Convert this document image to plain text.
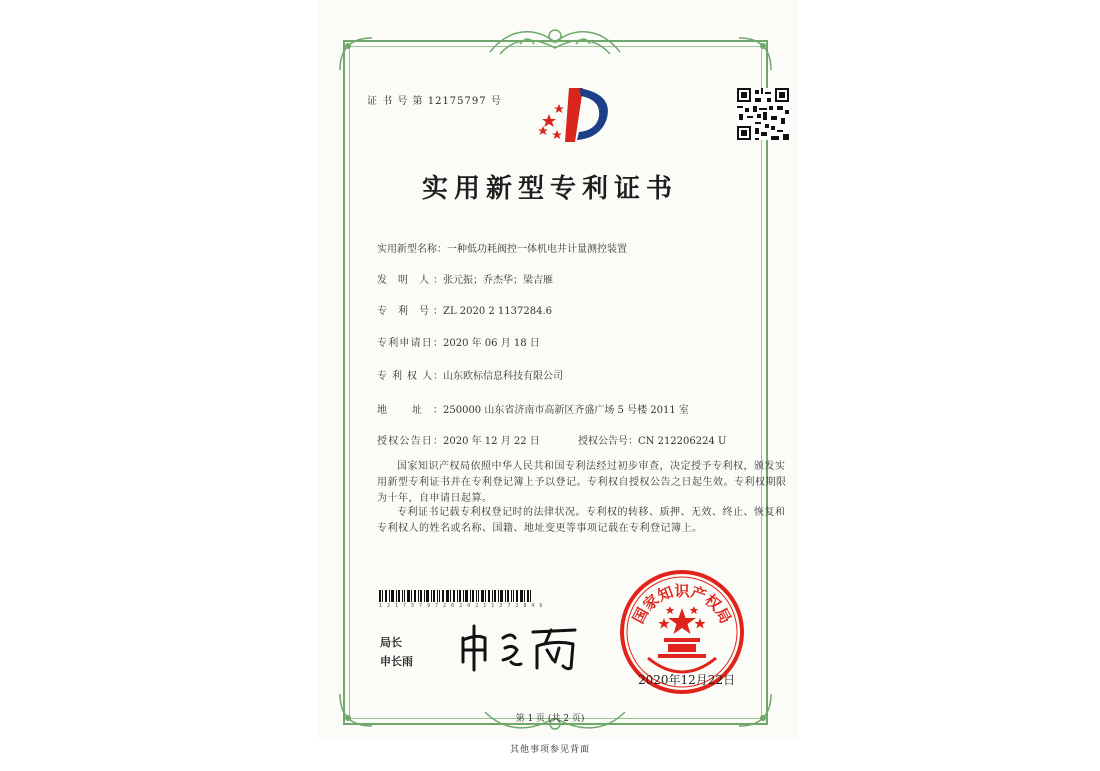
证 书 号 第 12175797 号
实用新型专利证书
实用新型名称：一种低功耗阀控一体机电井计量测控装置
发 明 人：张元振；乔杰华；梁吉雁
专 利 号：ZL 2020 2 1137284.6
专利申请日：2020 年 06 月 18 日
专 利 权 人：山东欧标信息科技有限公司
地 址：250000 山东省济南市高新区齐盛广场 5 号楼 2011 室
授权公告日：2020 年 12 月 22 日	授权公告号：CN 212206224 U
国家知识产权局依照中华人民共和国专利法经过初步审查，决定授予专利权，颁发实用新型专利证书并在专利登记簿上予以登记。专利权自授权公告之日起生效。专利权期限为十年，自申请日起算。
专利证书记载专利权登记时的法律状况。专利权的转移、质押、无效、终止、恢复和专利权人的姓名或名称、国籍、地址变更等事项记载在专利登记簿上。
1 2 1 7 5 7 9 7 2 0 2 0 2 1 1 3 7 2 8 4 6
局长
申长雨
国家知识产权局
2020年12月22日
第 1 页 (共 2 页)
其他事项参见背面
